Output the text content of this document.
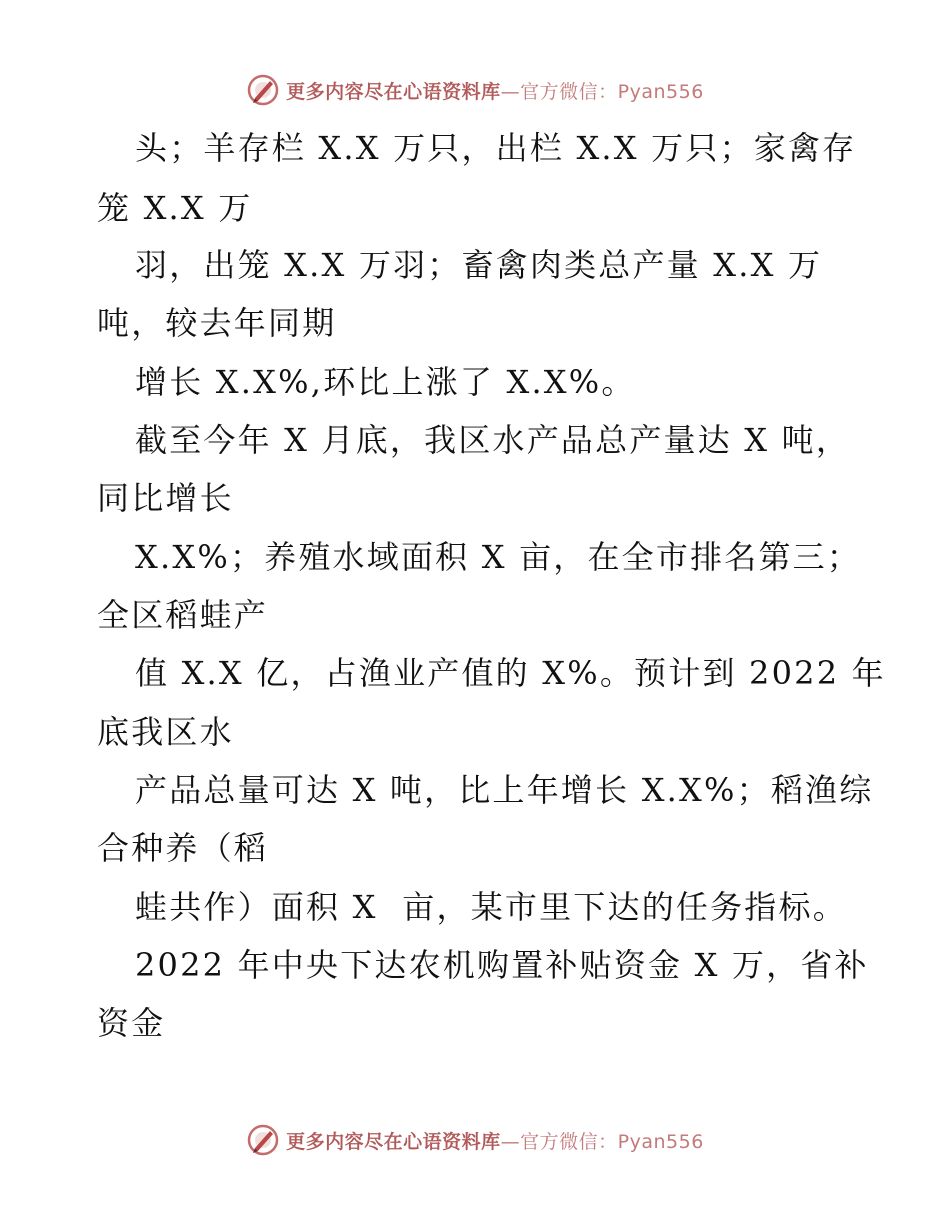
更多内容尽在心语资料库—官方微信：Pyan556
头；羊存栏 X.X 万只，出栏 X.X 万只；家禽存
笼 X.X 万
羽，出笼 X.X 万羽；畜禽肉类总产量 X.X 万
吨，较去年同期
增长 X.X%,环比上涨了 X.X%。
截至今年 X 月底，我区水产品总产量达 X 吨，
同比增长
X.X%；养殖水域面积 X 亩，在全市排名第三；
全区稻蛙产
值 X.X 亿，占渔业产值的 X%。预计到 2022 年
底我区水
产品总量可达 X 吨，比上年增长 X.X%；稻渔综
合种养（稻
蛙共作）面积 X  亩，某市里下达的任务指标。
2022 年中央下达农机购置补贴资金 X 万，省补
资金
更多内容尽在心语资料库—官方微信：Pyan556
